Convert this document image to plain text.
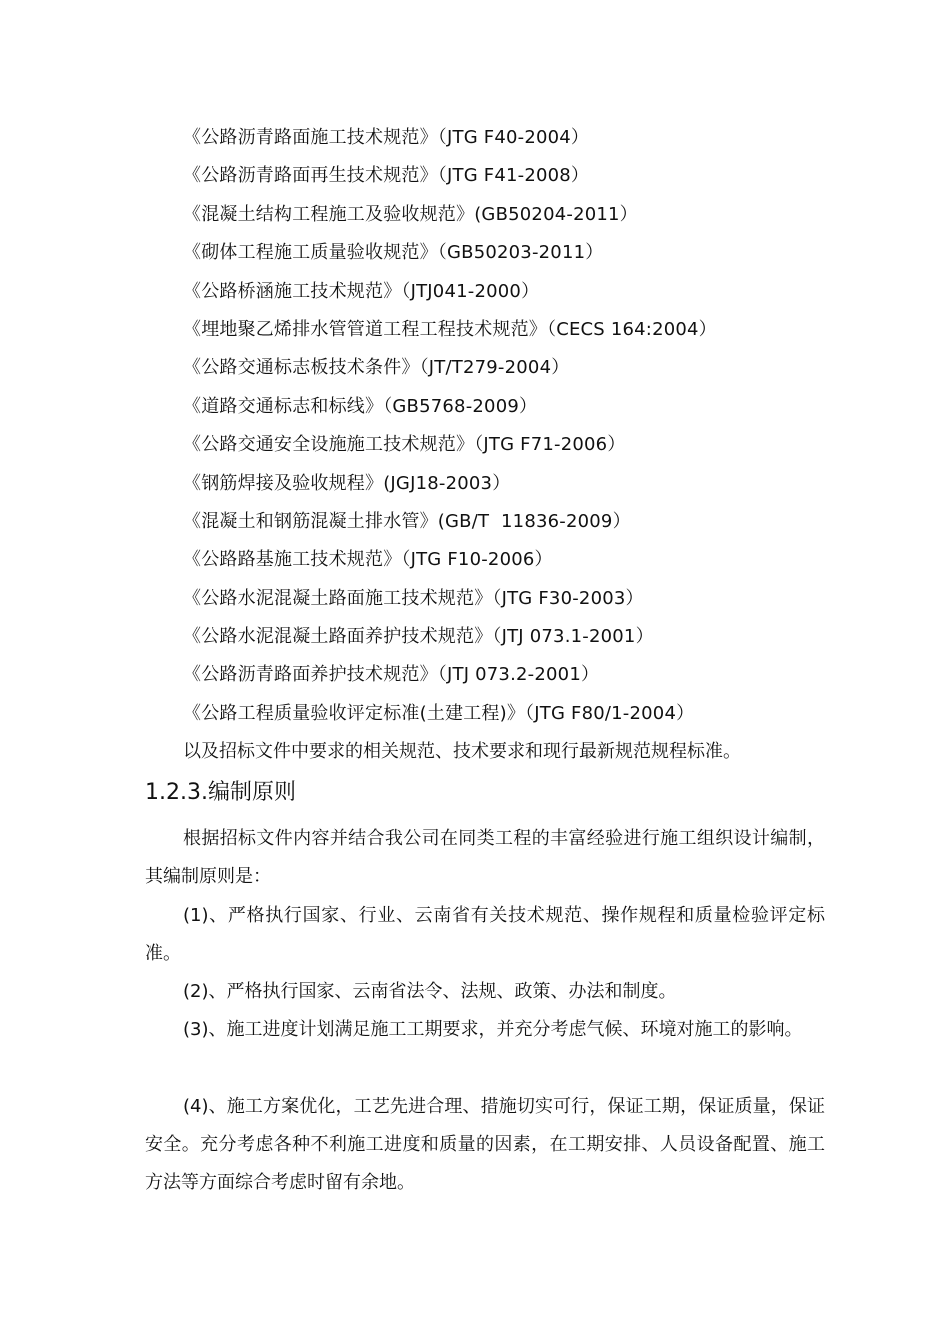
《公路沥青路面施工技术规范》（JTG F40-2004）
《公路沥青路面再生技术规范》（JTG F41-2008）
《混凝土结构工程施工及验收规范》(GB50204-2011）
《砌体工程施工质量验收规范》（GB50203-2011）
《公路桥涵施工技术规范》（JTJ041-2000）
《埋地聚乙烯排水管管道工程工程技术规范》（CECS 164:2004）
《公路交通标志板技术条件》（JT/T279-2004）
《道路交通标志和标线》（GB5768-2009）
《公路交通安全设施施工技术规范》（JTG F71-2006）
《钢筋焊接及验收规程》(JGJ18-2003）
《混凝土和钢筋混凝土排水管》(GB/T  11836-2009）
《公路路基施工技术规范》（JTG F10-2006）
《公路水泥混凝土路面施工技术规范》（JTG F30-2003）
《公路水泥混凝土路面养护技术规范》（JTJ 073.1-2001）
《公路沥青路面养护技术规范》（JTJ 073.2-2001）
《公路工程质量验收评定标准(土建工程)》（JTG F80/1-2004）
以及招标文件中要求的相关规范、技术要求和现行最新规范规程标准。
1.2.3.编制原则

根据招标文件内容并结合我公司在同类工程的丰富经验进行施工组织设计编制，其编制原则是：

(1)、严格执行国家、行业、云南省有关技术规范、操作规程和质量检验评定标准。

(2)、严格执行国家、云南省法令、法规、政策、办法和制度。

(3)、施工进度计划满足施工工期要求，并充分考虑气候、环境对施工的影响。

(4)、施工方案优化，工艺先进合理、措施切实可行，保证工期，保证质量，保证安全。充分考虑各种不利施工进度和质量的因素，在工期安排、人员设备配置、施工方法等方面综合考虑时留有余地。
